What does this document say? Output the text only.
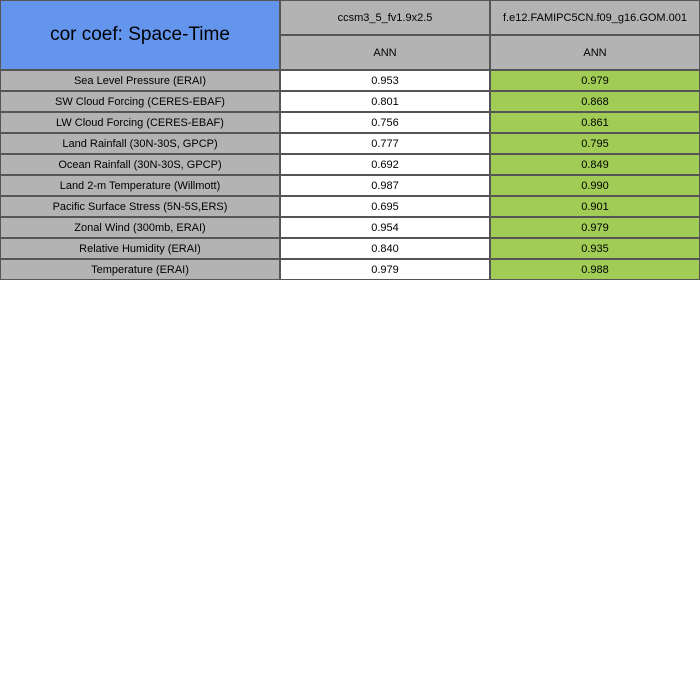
cor coef: Space-Time
ccsm3_5_fv1.9x2.5	f.e12.FAMIPC5CN.f09_g16.GOM.001
ANN	ANN
Sea Level Pressure (ERAI)	0.953	0.979
SW Cloud Forcing (CERES-EBAF)	0.801	0.868
LW Cloud Forcing (CERES-EBAF)	0.756	0.861
Land Rainfall (30N-30S, GPCP)	0.777	0.795
Ocean Rainfall (30N-30S, GPCP)	0.692	0.849
Land 2-m Temperature (Willmott)	0.987	0.990
Pacific Surface Stress (5N-5S,ERS)	0.695	0.901
Zonal Wind (300mb, ERAI)	0.954	0.979
Relative Humidity (ERAI)	0.840	0.935
Temperature (ERAI)	0.979	0.988
